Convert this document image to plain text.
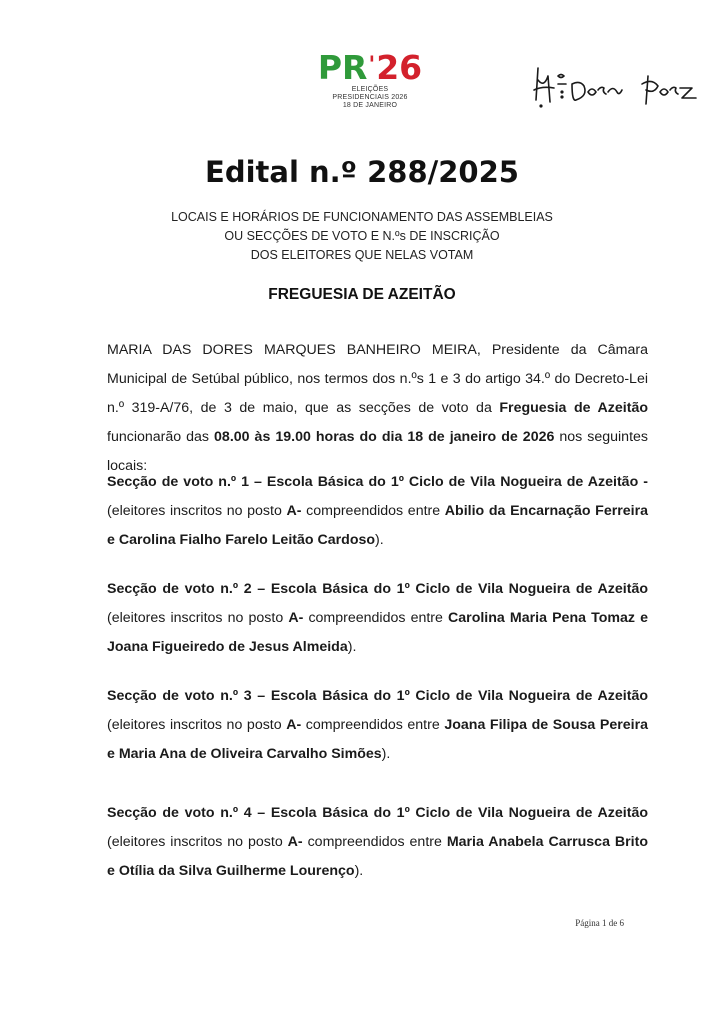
PR'26
ELEIÇÕES
PRESIDENCIAIS 2026
18 DE JANEIRO
Edital n.º 288/2025
LOCAIS E HORÁRIOS DE FUNCIONAMENTO DAS ASSEMBLEIAS
OU SECÇÕES DE VOTO E N.ºs DE INSCRIÇÃO
DOS ELEITORES QUE NELAS VOTAM
FREGUESIA DE AZEITÃO
MARIA DAS DORES MARQUES BANHEIRO MEIRA, Presidente da Câmara Municipal de Setúbal público, nos termos dos n.ºs 1 e 3 do artigo 34.º do Decreto-Lei n.º 319-A/76, de 3 de maio, que as secções de voto da Freguesia de Azeitão funcionarão das 08.00 às 19.00 horas do dia 18 de janeiro de 2026 nos seguintes locais:
Secção de voto n.º 1 – Escola Básica do 1º Ciclo de Vila Nogueira de Azeitão - (eleitores inscritos no posto A- compreendidos entre Abilio da Encarnação Ferreira e Carolina Fialho Farelo Leitão Cardoso).
Secção de voto n.º 2 – Escola Básica do 1º Ciclo de Vila Nogueira de Azeitão (eleitores inscritos no posto A- compreendidos entre Carolina Maria Pena Tomaz e Joana Figueiredo de Jesus Almeida).
Secção de voto n.º 3 – Escola Básica do 1º Ciclo de Vila Nogueira de Azeitão (eleitores inscritos no posto A- compreendidos entre Joana Filipa de Sousa Pereira e Maria Ana de Oliveira Carvalho Simões).
Secção de voto n.º 4 – Escola Básica do 1º Ciclo de Vila Nogueira de Azeitão (eleitores inscritos no posto A- compreendidos entre Maria Anabela Carrusca Brito e Otília da Silva Guilherme Lourenço).
Página 1 de 6
